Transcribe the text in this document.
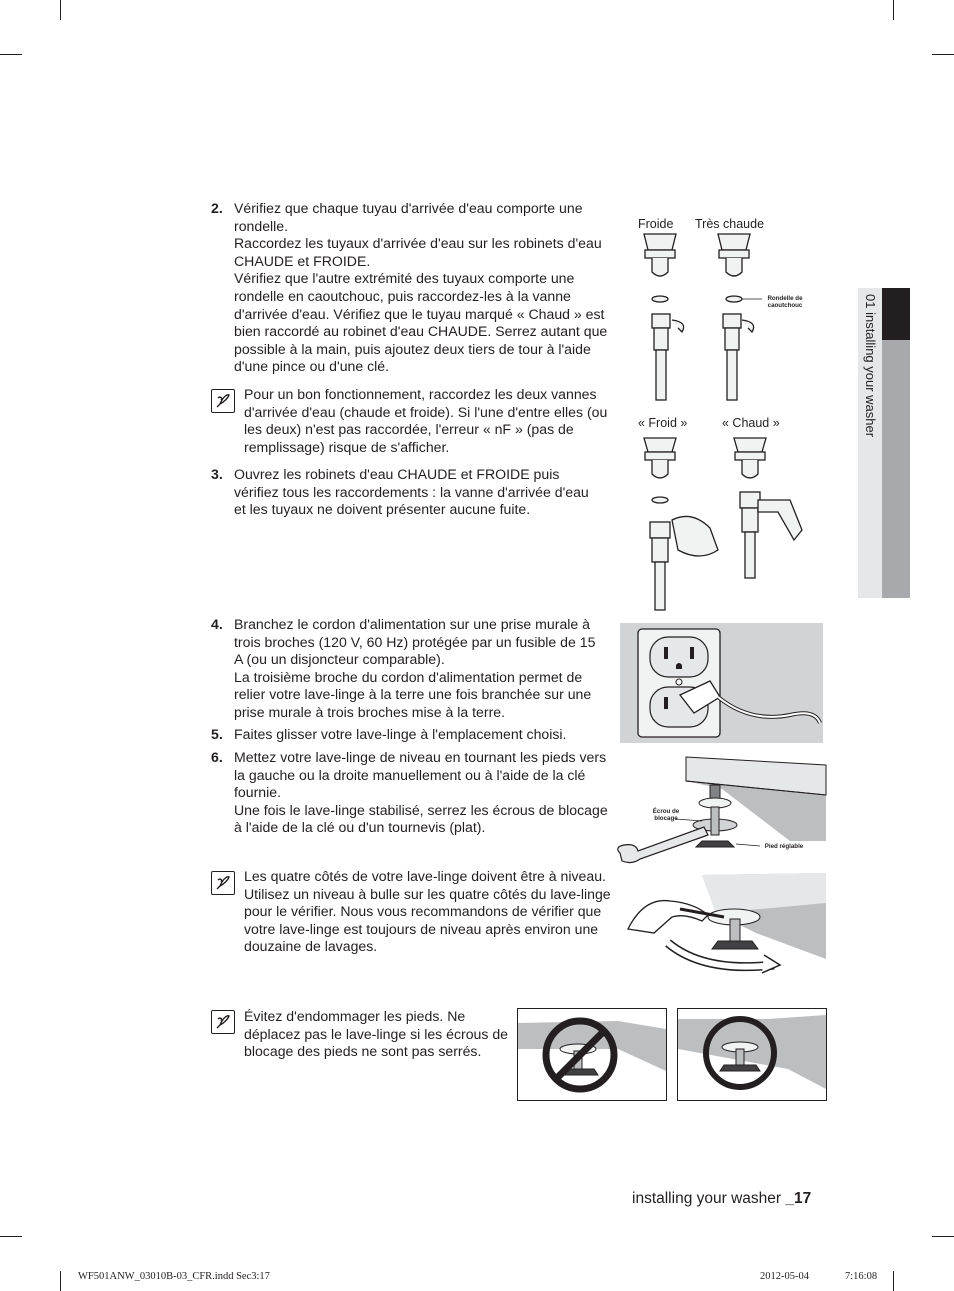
01 installing your washer
2. Vérifiez que chaque tuyau d'arrivée d'eau comporte une rondelle.

Raccordez les tuyaux d'arrivée d'eau sur les robinets d'eau CHAUDE et FROIDE.

Vérifiez que l'autre extrémité des tuyaux comporte une rondelle en caoutchouc, puis raccordez-les à la vanne d'arrivée d'eau. Vérifiez que le tuyau marqué « Chaud » est bien raccordé au robinet d'eau CHAUDE. Serrez autant que possible à la main, puis ajoutez deux tiers de tour à l'aide d'une pince ou d'une clé.

Pour un bon fonctionnement, raccordez les deux vannes d'arrivée d'eau (chaude et froide). Si l'une d'entre elles (ou les deux) n'est pas raccordée, l'erreur « nF » (pas de remplissage) risque de s'afficher.

3. Ouvrez les robinets d'eau CHAUDE et FROIDE puis vérifiez tous les raccordements : la vanne d'arrivée d'eau et les tuyaux ne doivent présenter aucune fuite.

4. Branchez le cordon d'alimentation sur une prise murale à trois broches (120 V, 60 Hz) protégée par un fusible de 15 A (ou un disjoncteur comparable).

La troisième broche du cordon d'alimentation permet de relier votre lave-linge à la terre une fois branchée sur une prise murale à trois broches mise à la terre.

5. Faites glisser votre lave-linge à l'emplacement choisi.

6. Mettez votre lave-linge de niveau en tournant les pieds vers la gauche ou la droite manuellement ou à l'aide de la clé fournie.

Une fois le lave-linge stabilisé, serrez les écrous de blocage à l'aide de la clé ou d'un tournevis (plat).

Les quatre côtés de votre lave-linge doivent être à niveau. Utilisez un niveau à bulle sur les quatre côtés du lave-linge pour le vérifier. Nous vous recommandons de vérifier que votre lave-linge est toujours de niveau après environ une douzaine de lavages.

Évitez d'endommager les pieds. Ne déplacez pas le lave-linge si les écrous de blocage des pieds ne sont pas serrés.

Froide Très chaude
Rondelle de caoutchouc
« Froid »	« Chaud »
Écrou de blocage
Pied réglable
installing your washer _17
WF501ANW_03010B-03_CFR.indd Sec3:17	2012-05-04	7:16:08
